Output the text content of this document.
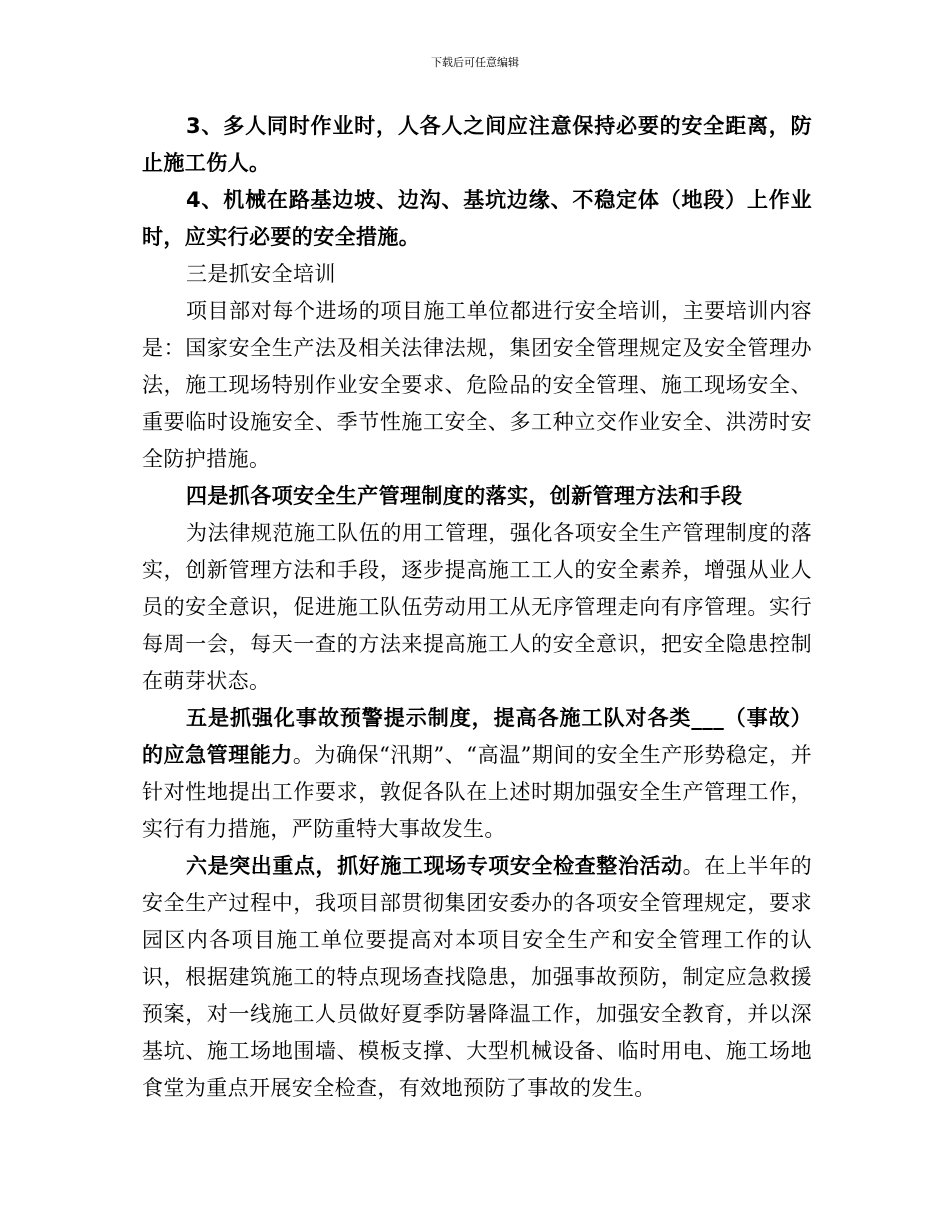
下载后可任意编辑

3、多人同时作业时，人各人之间应注意保持必要的安全距离，防止施工伤人。

4、机械在路基边坡、边沟、基坑边缘、不稳定体（地段）上作业时，应实行必要的安全措施。

三是抓安全培训

项目部对每个进场的项目施工单位都进行安全培训，主要培训内容是：国家安全生产法及相关法律法规，集团安全管理规定及安全管理办法，施工现场特别作业安全要求、危险品的安全管理、施工现场安全、重要临时设施安全、季节性施工安全、多工种立交作业安全、洪涝时安全防护措施。

四是抓各项安全生产管理制度的落实，创新管理方法和手段

为法律规范施工队伍的用工管理，强化各项安全生产管理制度的落实，创新管理方法和手段，逐步提高施工工人的安全素养，增强从业人员的安全意识，促进施工队伍劳动用工从无序管理走向有序管理。实行每周一会，每天一查的方法来提高施工人的安全意识，把安全隐患控制在萌芽状态。

五是抓强化事故预警提示制度，提高各施工队对各类___（事故）的应急管理能力。为确保“汛期”、“高温”期间的安全生产形势稳定，并针对性地提出工作要求，敦促各队在上述时期加强安全生产管理工作，实行有力措施，严防重特大事故发生。

六是突出重点，抓好施工现场专项安全检查整治活动。在上半年的安全生产过程中，我项目部贯彻集团安委办的各项安全管理规定，要求园区内各项目施工单位要提高对本项目安全生产和安全管理工作的认识，根据建筑施工的特点现场查找隐患，加强事故预防，制定应急救援预案，对一线施工人员做好夏季防暑降温工作，加强安全教育，并以深基坑、施工场地围墙、模板支撑、大型机械设备、临时用电、施工场地食堂为重点开展安全检查，有效地预防了事故的发生。
